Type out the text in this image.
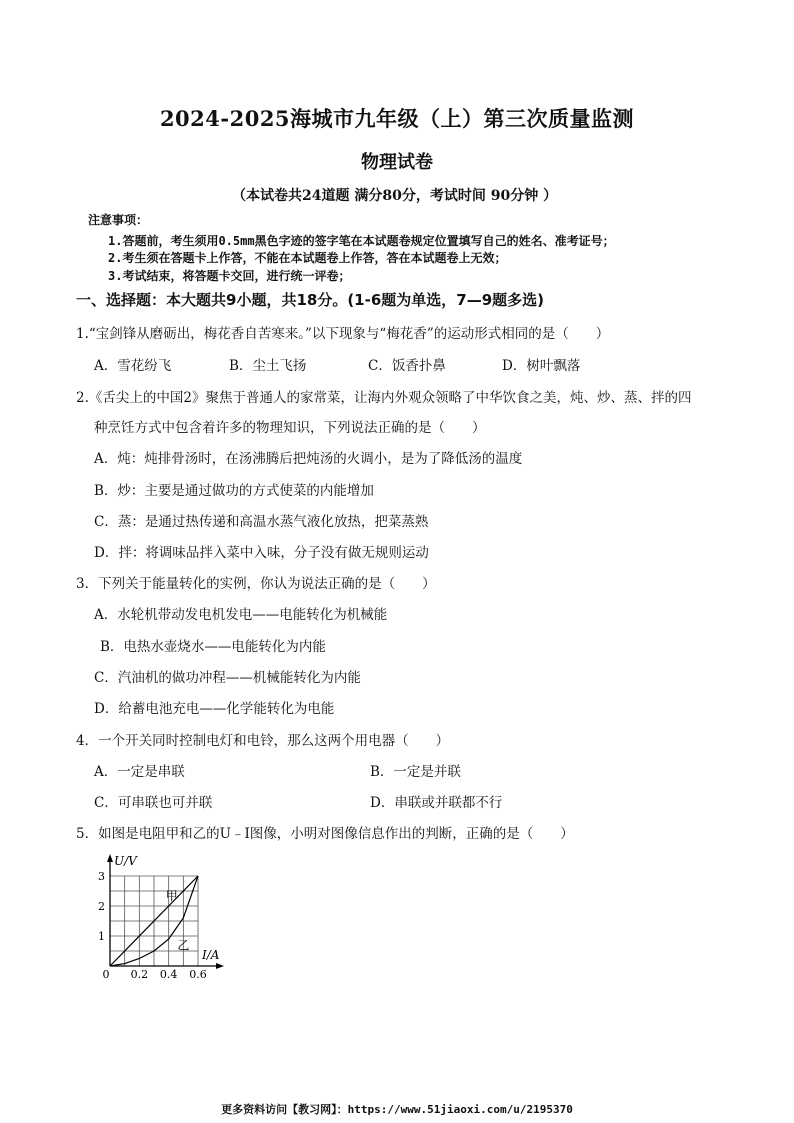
2024-2025海城市九年级（上）第三次质量监测
物理试卷
（本试卷共24道题 满分80分，考试时间 90分钟 ）
注意事项：
1.答题前，考生须用0.5mm黑色字迹的签字笔在本试题卷规定位置填写自己的姓名、准考证号；
2.考生须在答题卡上作答，不能在本试题卷上作答，答在本试题卷上无效；
3.考试结束，将答题卡交回，进行统一评卷；
一、选择题：本大题共9小题，共18分。(1-6题为单选，7—9题多选)
1.“宝剑锋从磨砺出，梅花香自苦寒来。”以下现象与“梅花香”的运动形式相同的是（　　）
A．雪花纷飞	B．尘土飞扬	C．饭香扑鼻	D．树叶飘落
2.《舌尖上的中国2》聚焦于普通人的家常菜，让海内外观众领略了中华饮食之美，炖、炒、蒸、拌的四
种烹饪方式中包含着许多的物理知识，下列说法正确的是（　　）
A．炖：炖排骨汤时，在汤沸腾后把炖汤的火调小，是为了降低汤的温度
B．炒：主要是通过做功的方式使菜的内能增加
C．蒸：是通过热传递和高温水蒸气液化放热，把菜蒸熟
D．拌：将调味品拌入菜中入味，分子没有做无规则运动
3．下列关于能量转化的实例，你认为说法正确的是（　　）
A．水轮机带动发电机发电——电能转化为机械能
B．电热水壶烧水——电能转化为内能
C．汽油机的做功冲程——机械能转化为内能
D．给蓄电池充电——化学能转化为电能
4．一个开关同时控制电灯和电铃，那么这两个用电器（　　）
A．一定是串联	B．一定是并联
C．可串联也可并联	D．串联或并联都不行
5．如图是电阻甲和乙的U﹣I图像，小明对图像信息作出的判断，正确的是（　　）
甲
乙
0 0.2 0.4 0.6
1
2
3
U/V
I/A
更多资料访问【教习网】：https://www.51jiaoxi.com/u/2195370
